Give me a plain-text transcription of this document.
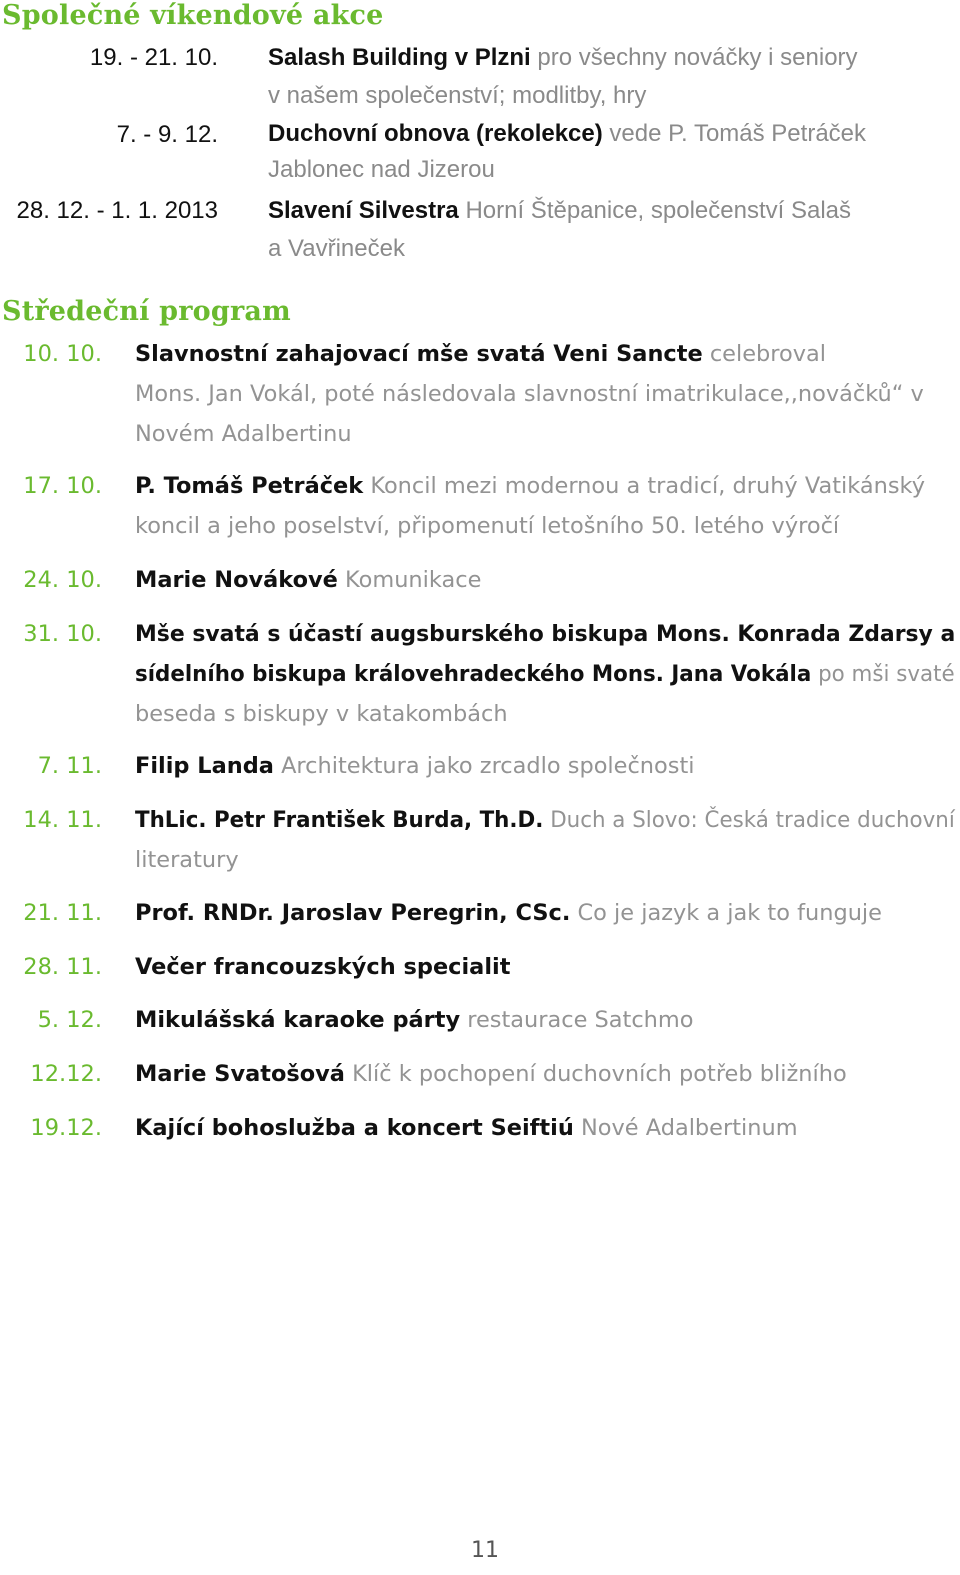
Společné víkendové akce
19. - 21. 10. Salash Building v Plzni pro všechny nováčky i seniory
v našem společenství; modlitby, hry
7. - 9. 12. Duchovní obnova (rekolekce) vede P. Tomáš Petráček
Jablonec nad Jizerou
28. 12. - 1. 1. 2013 Slavení Silvestra Horní Štěpanice, společenství Salaš
a Vavřineček
Středeční program
10. 10. Slavnostní zahajovací mše svatá Veni Sancte celebroval
Mons. Jan Vokál, poté následovala slavnostní imatrikulace,,nováčků“ v
Novém Adalbertinu
17. 10. P. Tomáš Petráček Koncil mezi modernou a tradicí, druhý Vatikánský
koncil a jeho poselství, připomenutí letošního 50. letého výročí
24. 10. Marie Novákové Komunikace
31. 10. Mše svatá s účastí augsburského biskupa Mons. Konrada Zdarsy a
sídelního biskupa královehradeckého Mons. Jana Vokála po mši svaté
beseda s biskupy v katakombách
7. 11. Filip Landa Architektura jako zrcadlo společnosti
14. 11. ThLic. Petr František Burda, Th.D. Duch a Slovo: Česká tradice duchovní
literatury
21. 11. Prof. RNDr. Jaroslav Peregrin, CSc. Co je jazyk a jak to funguje
28. 11. Večer francouzských specialit
5. 12. Mikulášská karaoke párty restaurace Satchmo
12.12. Marie Svatošová Klíč k pochopení duchovních potřeb bližního
19.12. Kající bohoslužba a koncert Seiftiú Nové Adalbertinum
11
